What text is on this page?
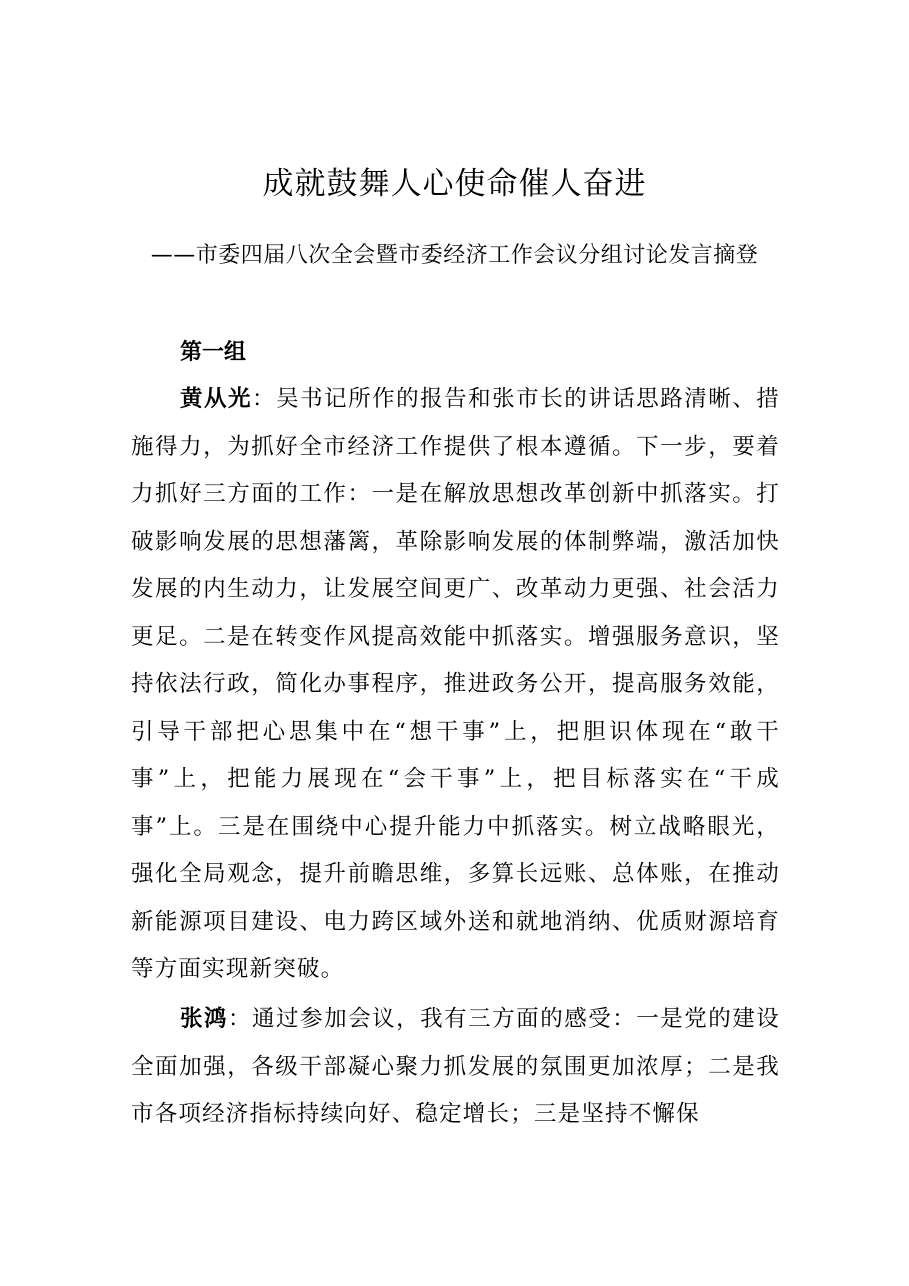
成就鼓舞人心使命催人奋进
——市委四届八次全会暨市委经济工作会议分组讨论发言摘登
第一组
黄从光：吴书记所作的报告和张市长的讲话思路清晰、措施得力，为抓好全市经济工作提供了根本遵循。下一步，要着力抓好三方面的工作：一是在解放思想改革创新中抓落实。打破影响发展的思想藩篱，革除影响发展的体制弊端，激活加快发展的内生动力，让发展空间更广、改革动力更强、社会活力更足。二是在转变作风提高效能中抓落实。增强服务意识，坚持依法行政，简化办事程序，推进政务公开，提高服务效能，引导干部把心思集中在“想干事”上，把胆识体现在“敢干事”上，把能力展现在“会干事”上，把目标落实在“干成事”上。三是在围绕中心提升能力中抓落实。树立战略眼光，强化全局观念，提升前瞻思维，多算长远账、总体账，在推动新能源项目建设、电力跨区域外送和就地消纳、优质财源培育等方面实现新突破。
张鸿：通过参加会议，我有三方面的感受：一是党的建设全面加强，各级干部凝心聚力抓发展的氛围更加浓厚；二是我市各项经济指标持续向好、稳定增长；三是坚持不懈保
